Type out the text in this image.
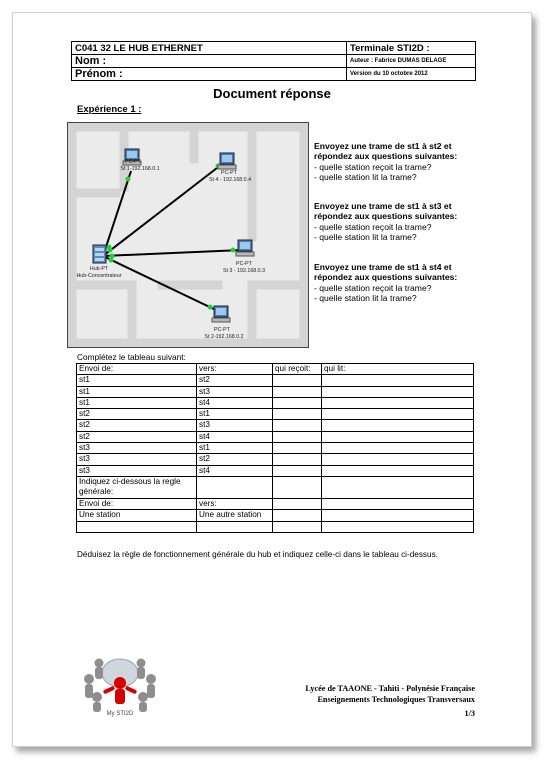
C041 32 LE HUB ETHERNET	Terminale STI2D :
Nom :	Auteur : Fabrice DUMAS DELAGE
Prénom :	Version du 10 octobre 2012
Document réponse
Expérience 1 :
PC-PT
St 1-192.168.0.1
PC-PT
St 4 - 192.168.0.4
Hub-PT
Hub-Concentrateur
PC-PT
St 3 - 192.168.0.3
PC-PT
St 2-192.168.0.2
Envoyez une trame de st1 à st2 et
répondez aux questions suivantes:
- quelle station reçoit la trame?
- quelle station lit la trame?
Envoyez une trame de st1 à st3 et
répondez aux questions suivantes:
- quelle station reçoit la trame?
- quelle station lit la trame?
Envoyez une trame de st1 à st4 et
répondez aux questions suivantes:
- quelle station reçoit la trame?
- quelle station lit la trame?
Complétez le tableau suivant:
Envoi de:	vers:	qui reçoit:	qui lit:
st1	st2		
st1	st3		
st1	st4		
st2	st1		
st2	st3		
st2	st4		
st3	st1		
st3	st2		
st3	st4		
Indiquez ci-dessous la regle générale:			
Envoi de:	vers:		
Une station	Une autre station		

Déduisez la règle de fonctionnement générale du hub et indiquez celle-ci dans le tableau ci-dessus.
My STI2D
Lycée de TAAONE - Tahiti - Polynésie Française
Enseignements Technologiques Transversaux
1/3
